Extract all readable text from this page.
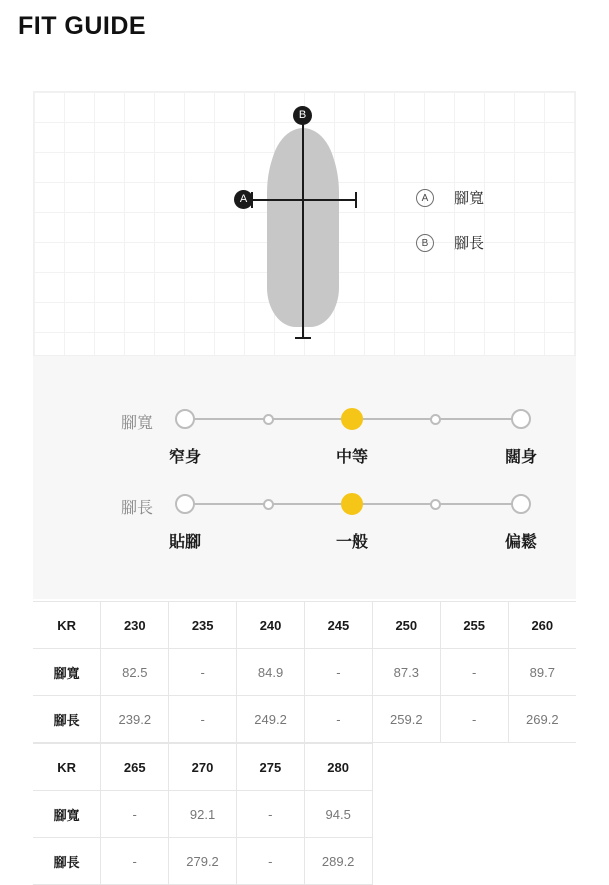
FIT GUIDE
B
A	A	腳寬
B	腳長
腳寬
窄身	中等	闊身
腳長
貼腳	一般	偏鬆
KR	230	235	240	245	250	255	260
腳寬	82.5	-	84.9	-	87.3	-	89.7
腳長	239.2	-	249.2	-	259.2	-	269.2
KR	265	270	275	280			
腳寬	-	92.1	-	94.5			
腳長	-	279.2	-	289.2			
